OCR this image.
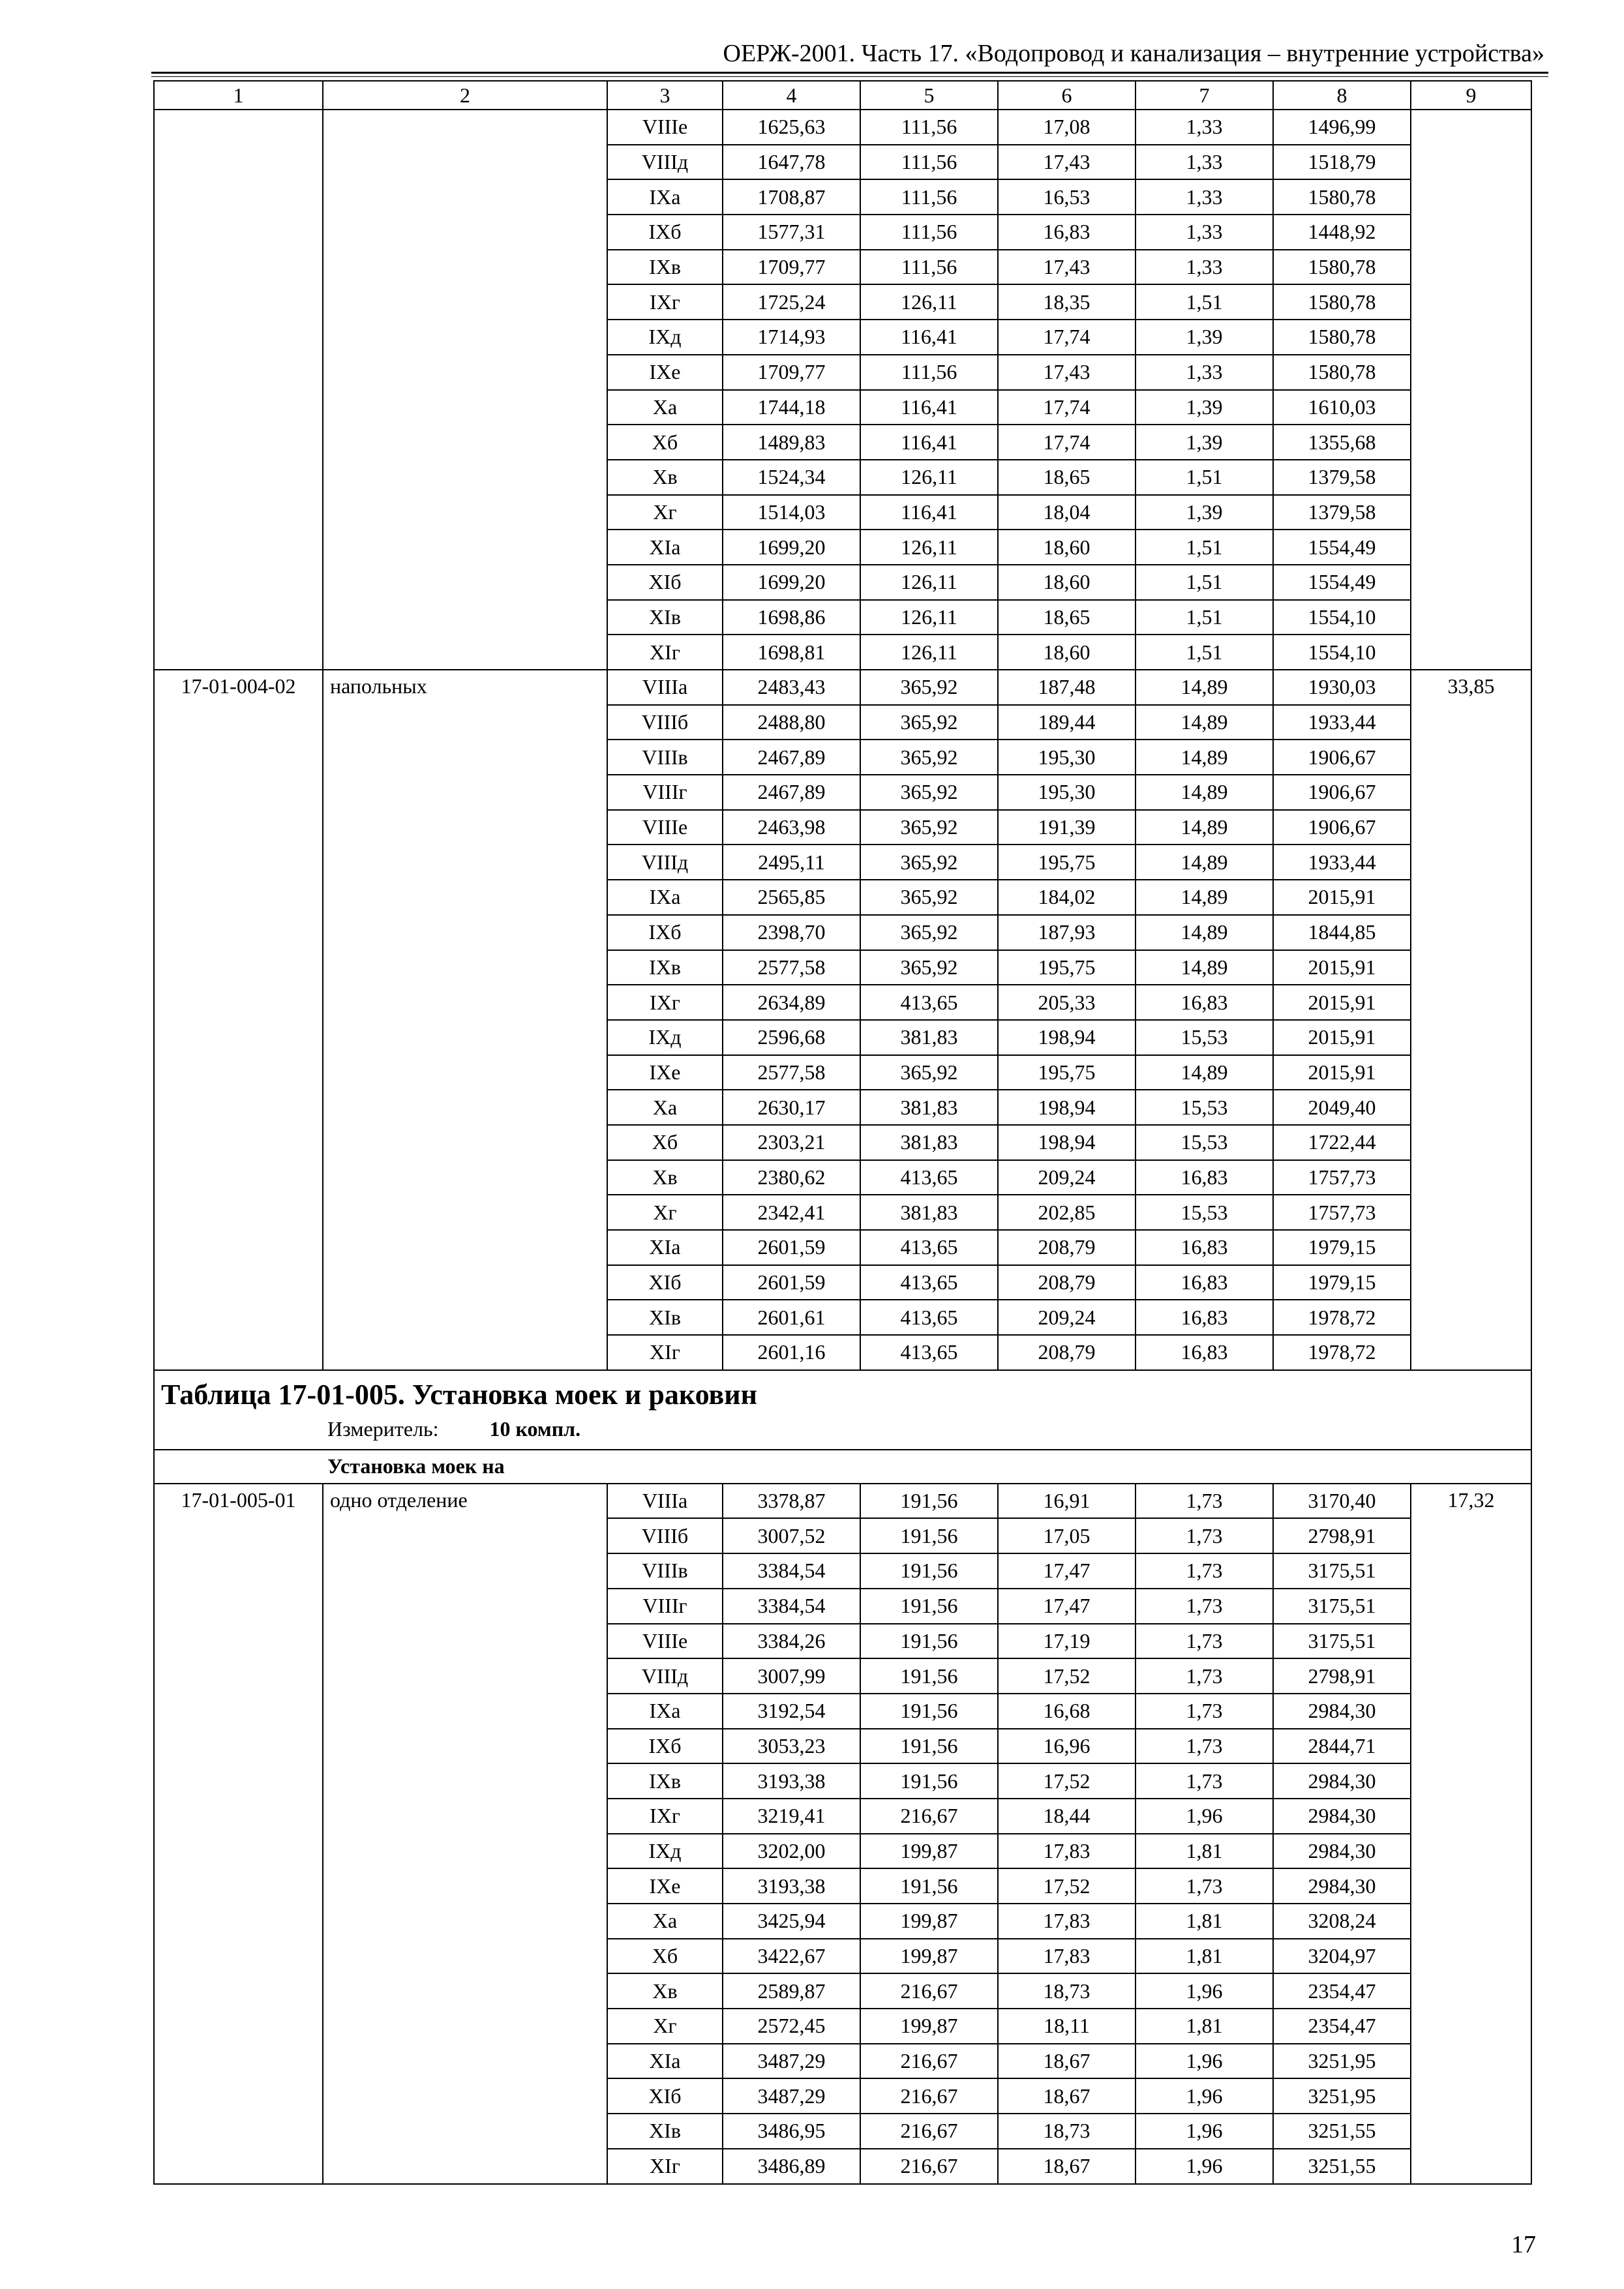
ОЕРЖ-2001. Часть 17. «Водопровод и канализация – внутренние устройства»
1	2	3	4	5	6	7	8	9
		VIIIе	1625,63	111,56	17,08	1,33	1496,99	
		VIIIд	1647,78	111,56	17,43	1,33	1518,79	
		IXа	1708,87	111,56	16,53	1,33	1580,78	
		IXб	1577,31	111,56	16,83	1,33	1448,92	
		IXв	1709,77	111,56	17,43	1,33	1580,78	
		IXг	1725,24	126,11	18,35	1,51	1580,78	
		IXд	1714,93	116,41	17,74	1,39	1580,78	
		IXе	1709,77	111,56	17,43	1,33	1580,78	
		Xа	1744,18	116,41	17,74	1,39	1610,03	
		Xб	1489,83	116,41	17,74	1,39	1355,68	
		Xв	1524,34	126,11	18,65	1,51	1379,58	
		Xг	1514,03	116,41	18,04	1,39	1379,58	
		XIа	1699,20	126,11	18,60	1,51	1554,49	
		XIб	1699,20	126,11	18,60	1,51	1554,49	
		XIв	1698,86	126,11	18,65	1,51	1554,10	
		XIг	1698,81	126,11	18,60	1,51	1554,10	
17-01-004-02	напольных	VIIIа	2483,43	365,92	187,48	14,89	1930,03	33,85
		VIIIб	2488,80	365,92	189,44	14,89	1933,44	
		VIIIв	2467,89	365,92	195,30	14,89	1906,67	
		VIIIг	2467,89	365,92	195,30	14,89	1906,67	
		VIIIе	2463,98	365,92	191,39	14,89	1906,67	
		VIIIд	2495,11	365,92	195,75	14,89	1933,44	
		IXа	2565,85	365,92	184,02	14,89	2015,91	
		IXб	2398,70	365,92	187,93	14,89	1844,85	
		IXв	2577,58	365,92	195,75	14,89	2015,91	
		IXг	2634,89	413,65	205,33	16,83	2015,91	
		IXд	2596,68	381,83	198,94	15,53	2015,91	
		IXе	2577,58	365,92	195,75	14,89	2015,91	
		Xа	2630,17	381,83	198,94	15,53	2049,40	
		Xб	2303,21	381,83	198,94	15,53	1722,44	
		Xв	2380,62	413,65	209,24	16,83	1757,73	
		Xг	2342,41	381,83	202,85	15,53	1757,73	
		XIа	2601,59	413,65	208,79	16,83	1979,15	
		XIб	2601,59	413,65	208,79	16,83	1979,15	
		XIв	2601,61	413,65	209,24	16,83	1978,72	
		XIг	2601,16	413,65	208,79	16,83	1978,72	

Таблица 17-01-005. Установка моек и раковин
Измеритель: 10 компл.								

Установка моек на								
17-01-005-01	одно отделение	VIIIа	3378,87	191,56	16,91	1,73	3170,40	17,32
		VIIIб	3007,52	191,56	17,05	1,73	2798,91	
		VIIIв	3384,54	191,56	17,47	1,73	3175,51	
		VIIIг	3384,54	191,56	17,47	1,73	3175,51	
		VIIIе	3384,26	191,56	17,19	1,73	3175,51	
		VIIIд	3007,99	191,56	17,52	1,73	2798,91	
		IXа	3192,54	191,56	16,68	1,73	2984,30	
		IXб	3053,23	191,56	16,96	1,73	2844,71	
		IXв	3193,38	191,56	17,52	1,73	2984,30	
		IXг	3219,41	216,67	18,44	1,96	2984,30	
		IXд	3202,00	199,87	17,83	1,81	2984,30	
		IXе	3193,38	191,56	17,52	1,73	2984,30	
		Xа	3425,94	199,87	17,83	1,81	3208,24	
		Xб	3422,67	199,87	17,83	1,81	3204,97	
		Xв	2589,87	216,67	18,73	1,96	2354,47	
		Xг	2572,45	199,87	18,11	1,81	2354,47	
		XIа	3487,29	216,67	18,67	1,96	3251,95	
		XIб	3487,29	216,67	18,67	1,96	3251,95	
		XIв	3486,95	216,67	18,73	1,96	3251,55	
		XIг	3486,89	216,67	18,67	1,96	3251,55	
17
